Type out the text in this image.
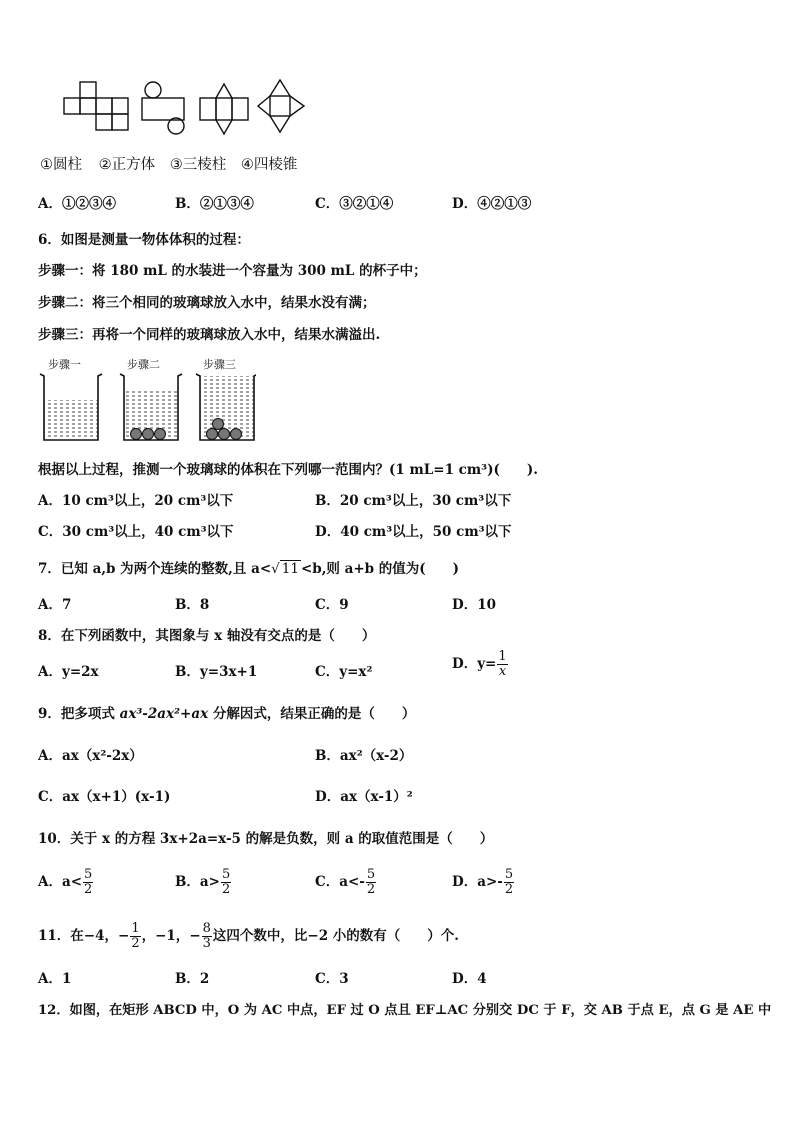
①圆柱 ②正方体 ③三棱柱 ④四棱锥
A．①②③④	B．②①③④	C．③②①④	D．④②①③
6．如图是测量一物体体积的过程：
步骤一：将 180 mL 的水装进一个容量为 300 mL 的杯子中；
步骤二：将三个相同的玻璃球放入水中，结果水没有满；
步骤三：再将一个同样的玻璃球放入水中，结果水满溢出.
步骤一	步骤二	步骤三
根据以上过程，推测一个玻璃球的体积在下列哪一范围内？(1 mL=1 cm³)(　　).
A．10 cm³以上，20 cm³以下	B．20 cm³以上，30 cm³以下
C．30 cm³以上，40 cm³以下	D．40 cm³以上，50 cm³以下
7．已知 a,b 为两个连续的整数,且 a<√ 11 <b,则 a+b 的值为(　　)
A．7	B．8	C．9	D．10
8．在下列函数中，其图象与 x 轴没有交点的是（　　）
A．y=2x	B．y=3x+1	C．y=x²	D．$y= \frac{1}{x}$
9．把多项式 ax³-2ax²+ax 分解因式，结果正确的是（　　）
A．ax（x²-2x）	B．ax²（x-2）
C．ax（x+1）(x-1)	D．ax（x-1）²
10．关于 x 的方程 3x+2a=x-5 的解是负数，则 a 的取值范围是（　　）
A．$a< \frac{5}{2}$	B．$a> \frac{5}{2}$	C．$a<- \frac{5}{2}$	D．$a>- \frac{5}{2}$
11．在−4，− $\frac{1}{2}$ ，−1，− $\frac{8}{3}$ 这四个数中，比−2 小的数有（　　）个.
A．1	B．2	C．3	D．4
12．如图，在矩形 ABCD 中，O 为 AC 中点，EF 过 O 点且 EF⊥AC 分别交 DC 于 F，交 AB 于点 E，点 G 是 AE 中
